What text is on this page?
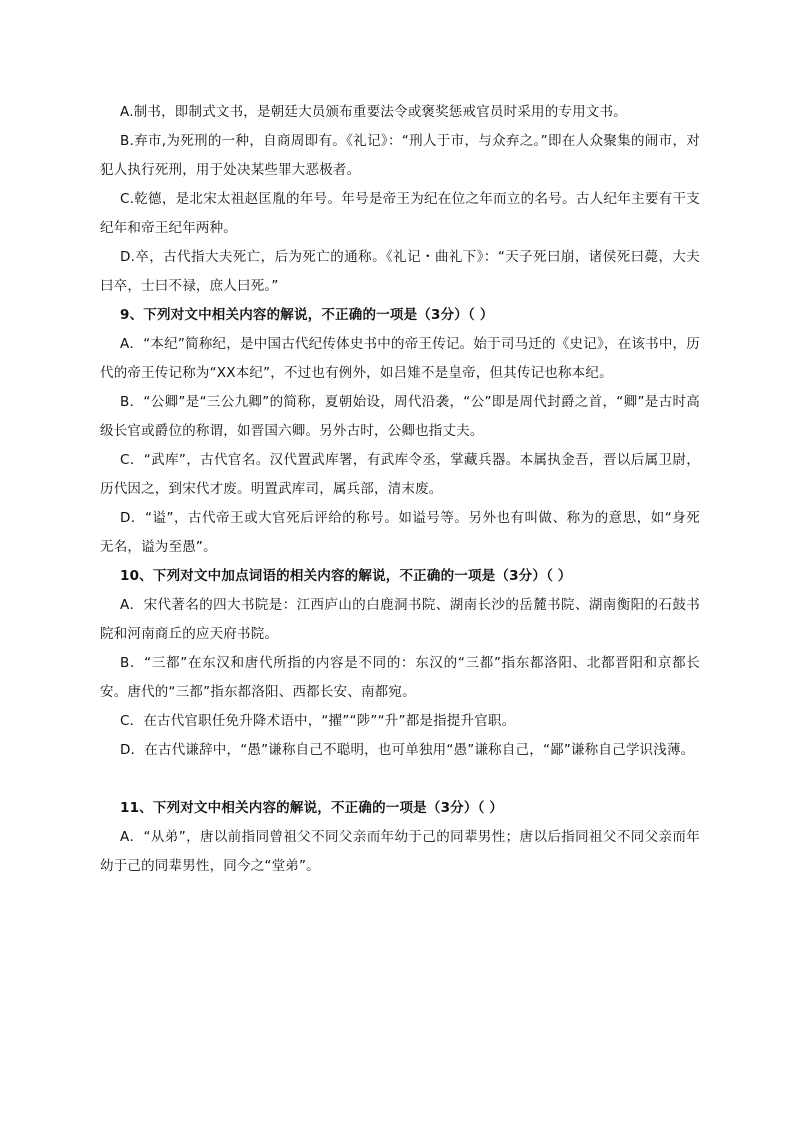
A.制书，即制式文书，是朝廷大员颁布重要法令或褒奖惩戒官员时采用的专用文书。

B.弃市,为死刑的一种，自商周即有。《礼记》：“刑人于市，与众弃之。”即在人众聚集的闹市，对犯人执行死刑，用于处决某些罪大恶极者。

C.乾德，是北宋太祖赵匡胤的年号。年号是帝王为纪在位之年而立的名号。古人纪年主要有干支纪年和帝王纪年两种。

D.卒，古代指大夫死亡，后为死亡的通称。《礼记・曲礼下》：“天子死曰崩，诸侯死曰薨，大夫曰卒，士曰不禄，庶人曰死。”

9、下列对文中相关内容的解说，不正确的一项是（3分）（ ）

A．“本纪”简称纪，是中国古代纪传体史书中的帝王传记。始于司马迁的《史记》，在该书中，历代的帝王传记称为“XX本纪”，不过也有例外，如吕雉不是皇帝，但其传记也称本纪。

B．“公卿”是“三公九卿”的简称，夏朝始设，周代沿袭，“公”即是周代封爵之首，“卿”是古时高级长官或爵位的称谓，如晋国六卿。另外古时，公卿也指丈夫。

C．“武库”，古代官名。汉代置武库署，有武库令丞，掌藏兵器。本属执金吾，晋以后属卫尉，历代因之，到宋代才废。明置武库司，属兵部，清末废。

D．“谥”，古代帝王或大官死后评给的称号。如谥号等。另外也有叫做、称为的意思，如“身死无名，谥为至愚”。

10、下列对文中加点词语的相关内容的解说，不正确的一项是（3分）（ ）

A．宋代著名的四大书院是：江西庐山的白鹿洞书院、湖南长沙的岳麓书院、湖南衡阳的石鼓书院和河南商丘的应天府书院。

B．“三都”在东汉和唐代所指的内容是不同的：东汉的“三都”指东都洛阳、北都晋阳和京都长安。唐代的“三都”指东都洛阳、西都长安、南都宛。

C．在古代官职任免升降术语中，“擢”“陟”“升”都是指提升官职。

D．在古代谦辞中，“愚”谦称自己不聪明，也可单独用“愚”谦称自己，“鄙”谦称自己学识浅薄。

11、下列对文中相关内容的解说，不正确的一项是（3分）（ ）

A．“从弟”，唐以前指同曾祖父不同父亲而年幼于己的同辈男性；唐以后指同祖父不同父亲而年幼于己的同辈男性，同今之“堂弟”。
